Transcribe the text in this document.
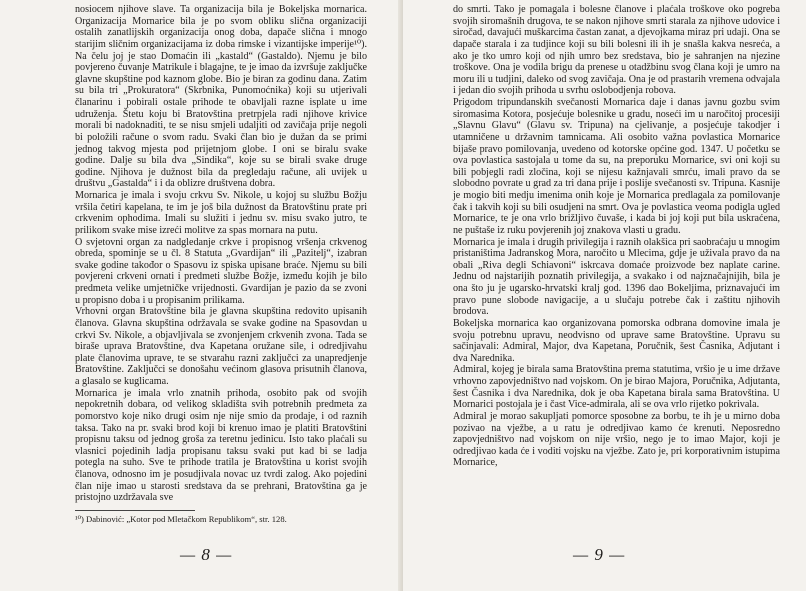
nosiocem njihove slave. Ta organizacija bila je Bokeljska mornarica. Organizacija Mornarice bila je po svom obliku slična organizaciji ostalih zanatlijskih organizacija onog doba, dapače slična i mnogo starijim sličnim organizacijama iz doba rimske i vizantijske imperije¹⁰). Na čelu joj je stao Domaćin ili „kastald“ (Gastaldo). Njemu je bilo povjereno čuvanje Matrikule i blagajne, te je imao da izvršuje zaključke glavne skupštine pod kaznom globe. Bio je biran za godinu dana. Zatim su bila tri „Prokuratora“ (Skrbnika, Punomoćnika) koji su utjerivali članarinu i pobirali ostale prihode te obavljali razne isplate u ime udruženja. Štetu koju bi Bratovština pretrpjela radi njihove krivice morali bi nadoknaditi, te se nisu smjeli udaljiti od zavičaja prije negoli bi položili račune o svom radu. Svaki član bio je dužan da se primi jednog takvog mjesta pod prijetnjom globe. I oni se biralu svake godine. Dalje su bila dva „Sindika“, koje su se birali svake druge godine. Njihova je dužnost bila da pregledaju račune, ali uvijek u društvu „Gastalda“ i i da oblizre društvena dobra.

Mornarica je imala i svoju crkvu Sv. Nikole, u kojoj su službu Božju vršila četiri kapelana, te im je još bila dužnost da Bratovštinu prate pri crkvenim ophodima. Imali su služiti i jednu sv. misu svako jutro, te prilikom svake mise izreći molitve za spas mornara na putu.

O svjetovni organ za nadgledanje crkve i propisnog vršenja crkvenog obreda, spominje se u čl. 8 Statuta „Gvardijan“ ili „Pazitelj“, izabran svake godine takođor o Spasovu iz spiska upisane braće. Njemu su bili povjereni crkveni ornati i predmeti službe Božje, između kojih je bilo predmeta velike umjetničke vrijednosti. Gvardijan je pazio da se zvoni u propisno doba i u propisanim prilikama.

Vrhovni organ Bratovštine bila je glavna skupština redovito upisanih članova. Glavna skupština održavala se svake godine na Spasovdan u crkvi Sv. Nikole, a objavljivala se zvonjenjem crkvenih zvona. Tada se biraše uprava Bratovštine, dva Kapetana oružane sile, i odredjivahu plate članovima uprave, te se stvarahu razni zaključci za unapredjenje Bratovštine. Zaključci se donošahu većinom glasova prisutnih članova, a glasalo se kuglicama.

Mornarica je imala vrlo znatnih prihoda, osobito pak od svojih nepokretnih dobara, od velikog skladišta svih potrebnih predmeta za pomorstvo koje niko drugi osim nje nije smio da prodaje, i od raznih taksa. Tako na pr. svaki brod koji bi krenuo imao je platiti Bratovštini propisnu taksu od jednog groša za teretnu jedinicu. Isto tako plaćali su vlasnici pojedinih ladja propisanu taksu svaki put kad bi se ladja potegla na suho. Sve te prihode tratila je Bratovština u korist svojih članova, odnosno im je posudjivala novac uz tvrdi zalog. Ako pojedini član nije imao u starosti sredstava da se prehrani, Bratovština ga je pristojno uzdržavala sve

¹⁰) Dabinović: „Kotor pod Mletačkom Republikom“, str. 128.
— 8 —

do smrti. Tako je pomagala i bolesne članove i plaćala troškove oko pogreba svojih siromašnih drugova, te se nakon njihove smrti starala za njihove udovice i siročad, davajući muškarcima častan zanat, a djevojkama miraz pri udaji. Ona se dapače starala i za tudjince koji su bili bolesni ili ih je snašla kakva nesreća, a ako je tko umro koji od njih umro bez sredstava, bio je sahranjen na njezine troškove. Ona je vodila brigu da prenese u otadžbinu svog člana koji je umro na moru ili u tudjini, daleko od svog zavičaja. Ona je od prastarih vremena odvajala i jedan dio svojih prihoda u svrhu oslobodjenja robova.

Prigodom tripundanskih svečanosti Mornarica daje i danas javnu gozbu svim siromasima Kotora, posjećuje bolesnike u gradu, noseći im u naročitoj procesiji „Slavnu Glavu“ (Glavu sv. Tripuna) na cjelivanje, a posjećuje takodjer i utamničene u državnim tamnicama. Ali osobito važna povlastica Mornarice bijaše pravo pomilovanja, uvedeno od kotorske općine god. 1347. U početku se ova povlastica sastojala u tome da su, na preporuku Mornarice, svi oni koji su bili pobjegli radi zločina, koji se nijesu kažnjavali smrću, imali pravo da se slobodno povrate u grad za tri dana prije i poslije svečanosti sv. Tripuna. Kasnije je mogio biti medju imenima onih koje je Mornarica predlagala za pomilovanje čak i takvih koji su bili osudjeni na smrt. Ova je povlastica veoma podigla ugled Mornarice, te je ona vrlo brižljivo čuvaše, i kada bi joj koji put bila uskraćena, ne puštaše iz ruku povjerenih joj znakova vlasti u gradu.

Mornarica je imala i drugih privilegija i raznih olakšica pri saobraćaju u mnogim pristaništima Jadranskog Mora, naročito u Mlecima, gdje je uživala pravo da na obali „Riva degli Schiavoni“ iskrcava domaće proizvode bez naplate carine. Jednu od najstarijih poznatih privilegija, a svakako i od najznačajnijih, bila je ona što ju je ugarsko-hrvatski kralj god. 1396 dao Bokeljima, priznavajući im pravo pune slobode navigacije, a u slučaju potrebe čak i zaštitu njihovih brodova.

Bokeljska mornarica kao organizovana pomorska odbrana domovine imala je svoju potrebnu upravu, neodvisno od uprave same Bratovštine. Upravu su sačinjavali: Admiral, Major, dva Kapetana, Poručnik, šest Časnika, Adjutant i dva Narednika.

Admiral, kojeg je birala sama Bratovština prema statutima, vršio je u ime države vrhovno zapovjedništvo nad vojskom. On je birao Majora, Poručnika, Adjutanta, šest Časnika i dva Narednika, dok je oba Kapetana birala sama Bratovština. U Mornarici postojala je i čast Vice-admirala, ali se ova vrlo rijetko pokrivala.

Admiral je morao sakupljati pomorce sposobne za borbu, te ih je u mirno doba pozivao na vježbe, a u ratu je odredjivao kamo će krenuti. Neposredno zapovjedništvo nad vojskom on nije vršio, nego je to imao Major, koji je odredjivao kada će i voditi vojsku na vježbe. Zato je, pri korporativnim istupima Mornarice,

— 9 —
